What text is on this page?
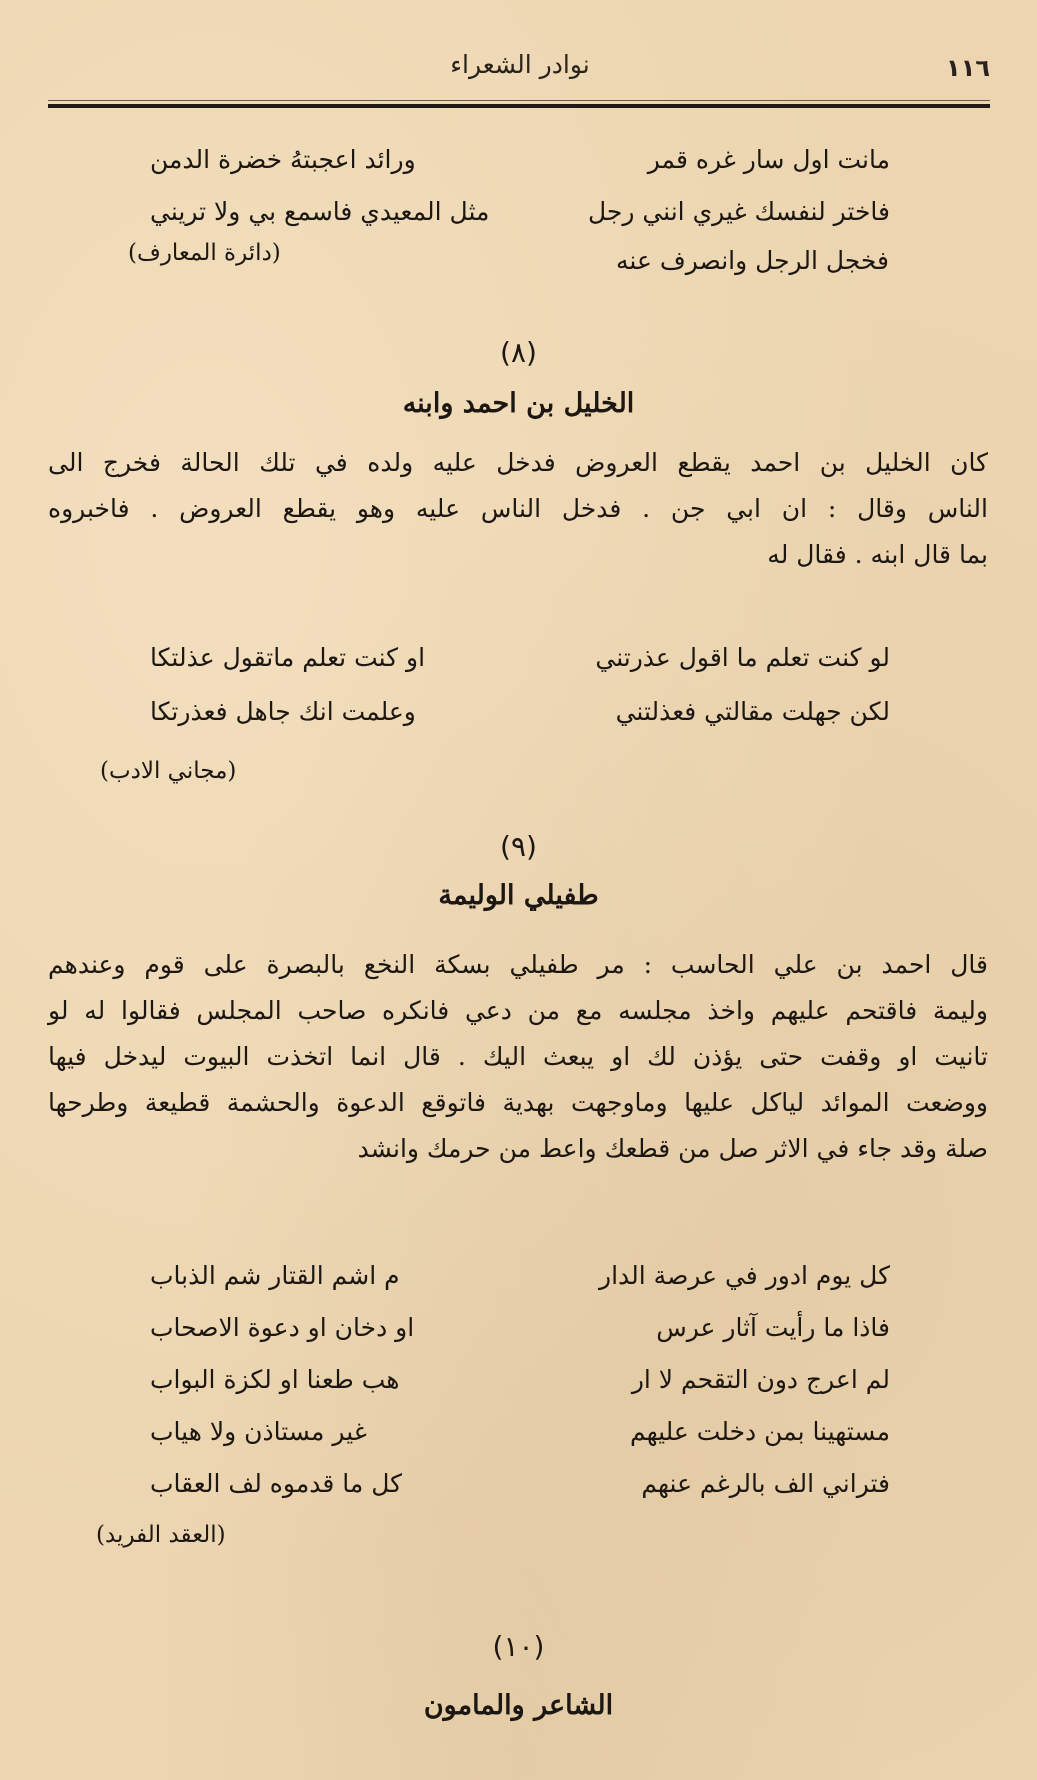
نوادر الشعراء	١١٦
مانت اول سار غره قمر
ورائد اعجبتهُ خضرة الدمن
فاختر لنفسك غيري انني رجل
مثل المعيدي فاسمع بي ولا تريني
فخجل الرجل وانصرف عنه
(دائرة المعارف)
(٨)
الخليل بن احمد وابنه
كان الخليل بن احمد يقطع العروض فدخل عليه ولده في تلك الحالة فخرج الى
الناس وقال : ان ابي جن . فدخل الناس عليه وهو يقطع العروض . فاخبروه
بما قال ابنه . فقال له
لو كنت تعلم ما اقول عذرتني
او كنت تعلم ماتقول عذلتكا
لكن جهلت مقالتي فعذلتني
وعلمت انك جاهل فعذرتكا
(مجاني الادب)
(٩)
طفيلي الوليمة
قال احمد بن علي الحاسب : مر طفيلي بسكة النخع بالبصرة على قوم وعندهم
وليمة فاقتحم عليهم واخذ مجلسه مع من دعي فانكره صاحب المجلس فقالوا له لو
تانيت او وقفت حتى يؤذن لك او يبعث اليك . قال انما اتخذت البيوت ليدخل فيها
ووضعت الموائد لياكل عليها وماوجهت بهدية فاتوقع الدعوة والحشمة قطيعة وطرحها
صلة وقد جاء في الاثر صل من قطعك واعط من حرمك وانشد
كل يوم ادور في عرصة الدار
م اشم القتار شم الذباب
فاذا ما رأيت آثار عرس
او دخان او دعوة الاصحاب
لم اعرج دون التقحم لا ار
هب طعنا او لكزة البواب
مستهينا بمن دخلت عليهم
غير مستاذن ولا هياب
فتراني الف بالرغم عنهم
كل ما قدموه لف العقاب
(العقد الفريد)
(١٠)
الشاعر والمامون
